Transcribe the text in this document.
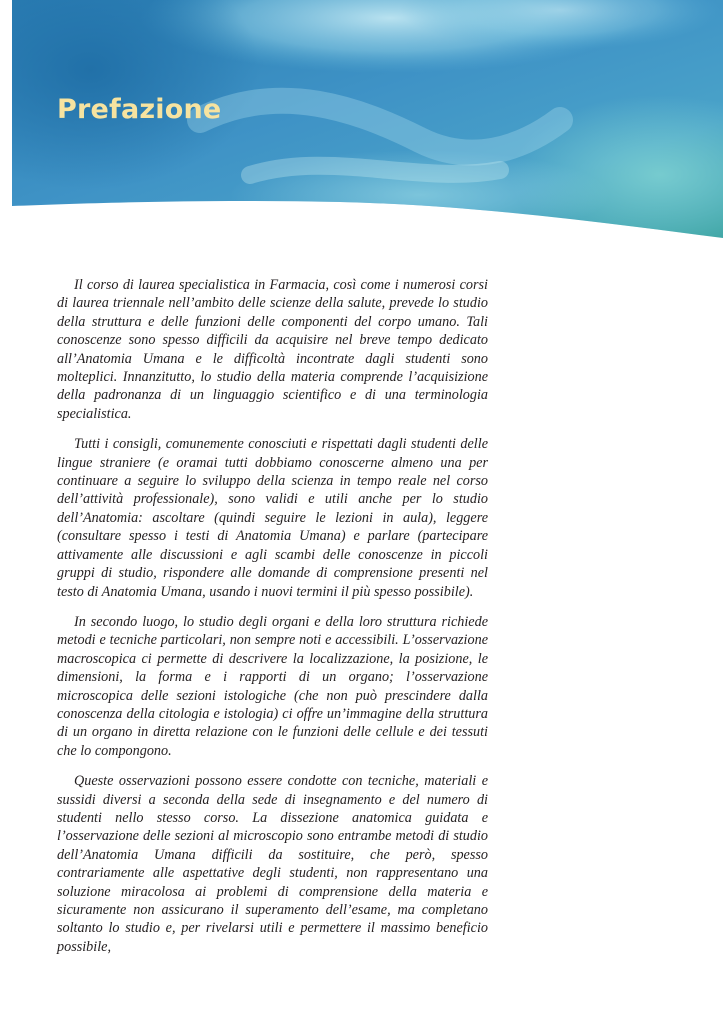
Prefazione

Il corso di laurea specialistica in Farmacia, così come i numerosi corsi di laurea triennale nell’ambito delle scienze della salute, prevede lo studio della struttura e delle funzioni delle componenti del corpo umano. Tali conoscenze sono spesso difficili da acquisire nel breve tempo dedicato all’Anatomia Umana e le difficoltà incontrate dagli studenti sono molteplici. Innanzitutto, lo studio della materia comprende l’acquisizione della padronanza di un linguaggio scientifico e di una terminologia specialistica.

Tutti i consigli, comunemente conosciuti e rispettati dagli studenti delle lingue straniere (e oramai tutti dobbiamo conoscerne almeno una per continuare a seguire lo sviluppo della scienza in tempo reale nel corso dell’attività professionale), sono validi e utili anche per lo studio dell’Anatomia: ascoltare (quindi seguire le lezioni in aula), leggere (consultare spesso i testi di Anatomia Umana) e parlare (partecipare attivamente alle discussioni e agli scambi delle conoscenze in piccoli gruppi di studio, rispondere alle domande di comprensione presenti nel testo di Anatomia Umana, usando i nuovi termini il più spesso possibile).

In secondo luogo, lo studio degli organi e della loro struttura richiede metodi e tecniche particolari, non sempre noti e accessibili. L’osservazione macroscopica ci permette di descrivere la localizzazione, la posizione, le dimensioni, la forma e i rapporti di un organo; l’osservazione microscopica delle sezioni istologiche (che non può prescindere dalla conoscenza della citologia e istologia) ci offre un’immagine della struttura di un organo in diretta relazione con le funzioni delle cellule e dei tessuti che lo compongono.

Queste osservazioni possono essere condotte con tecniche, materiali e sussidi diversi a seconda della sede di insegnamento e del numero di studenti nello stesso corso. La dissezione anatomica guidata e l’osservazione delle sezioni al microscopio sono entrambe metodi di studio dell’Anatomia Umana difficili da sostituire, che però, spesso contrariamente alle aspettative degli studenti, non rappresentano una soluzione miracolosa ai problemi di comprensione della materia e sicuramente non assicurano il superamento dell’esame, ma completano soltanto lo studio e, per rivelarsi utili e permettere il massimo beneficio possibile,
